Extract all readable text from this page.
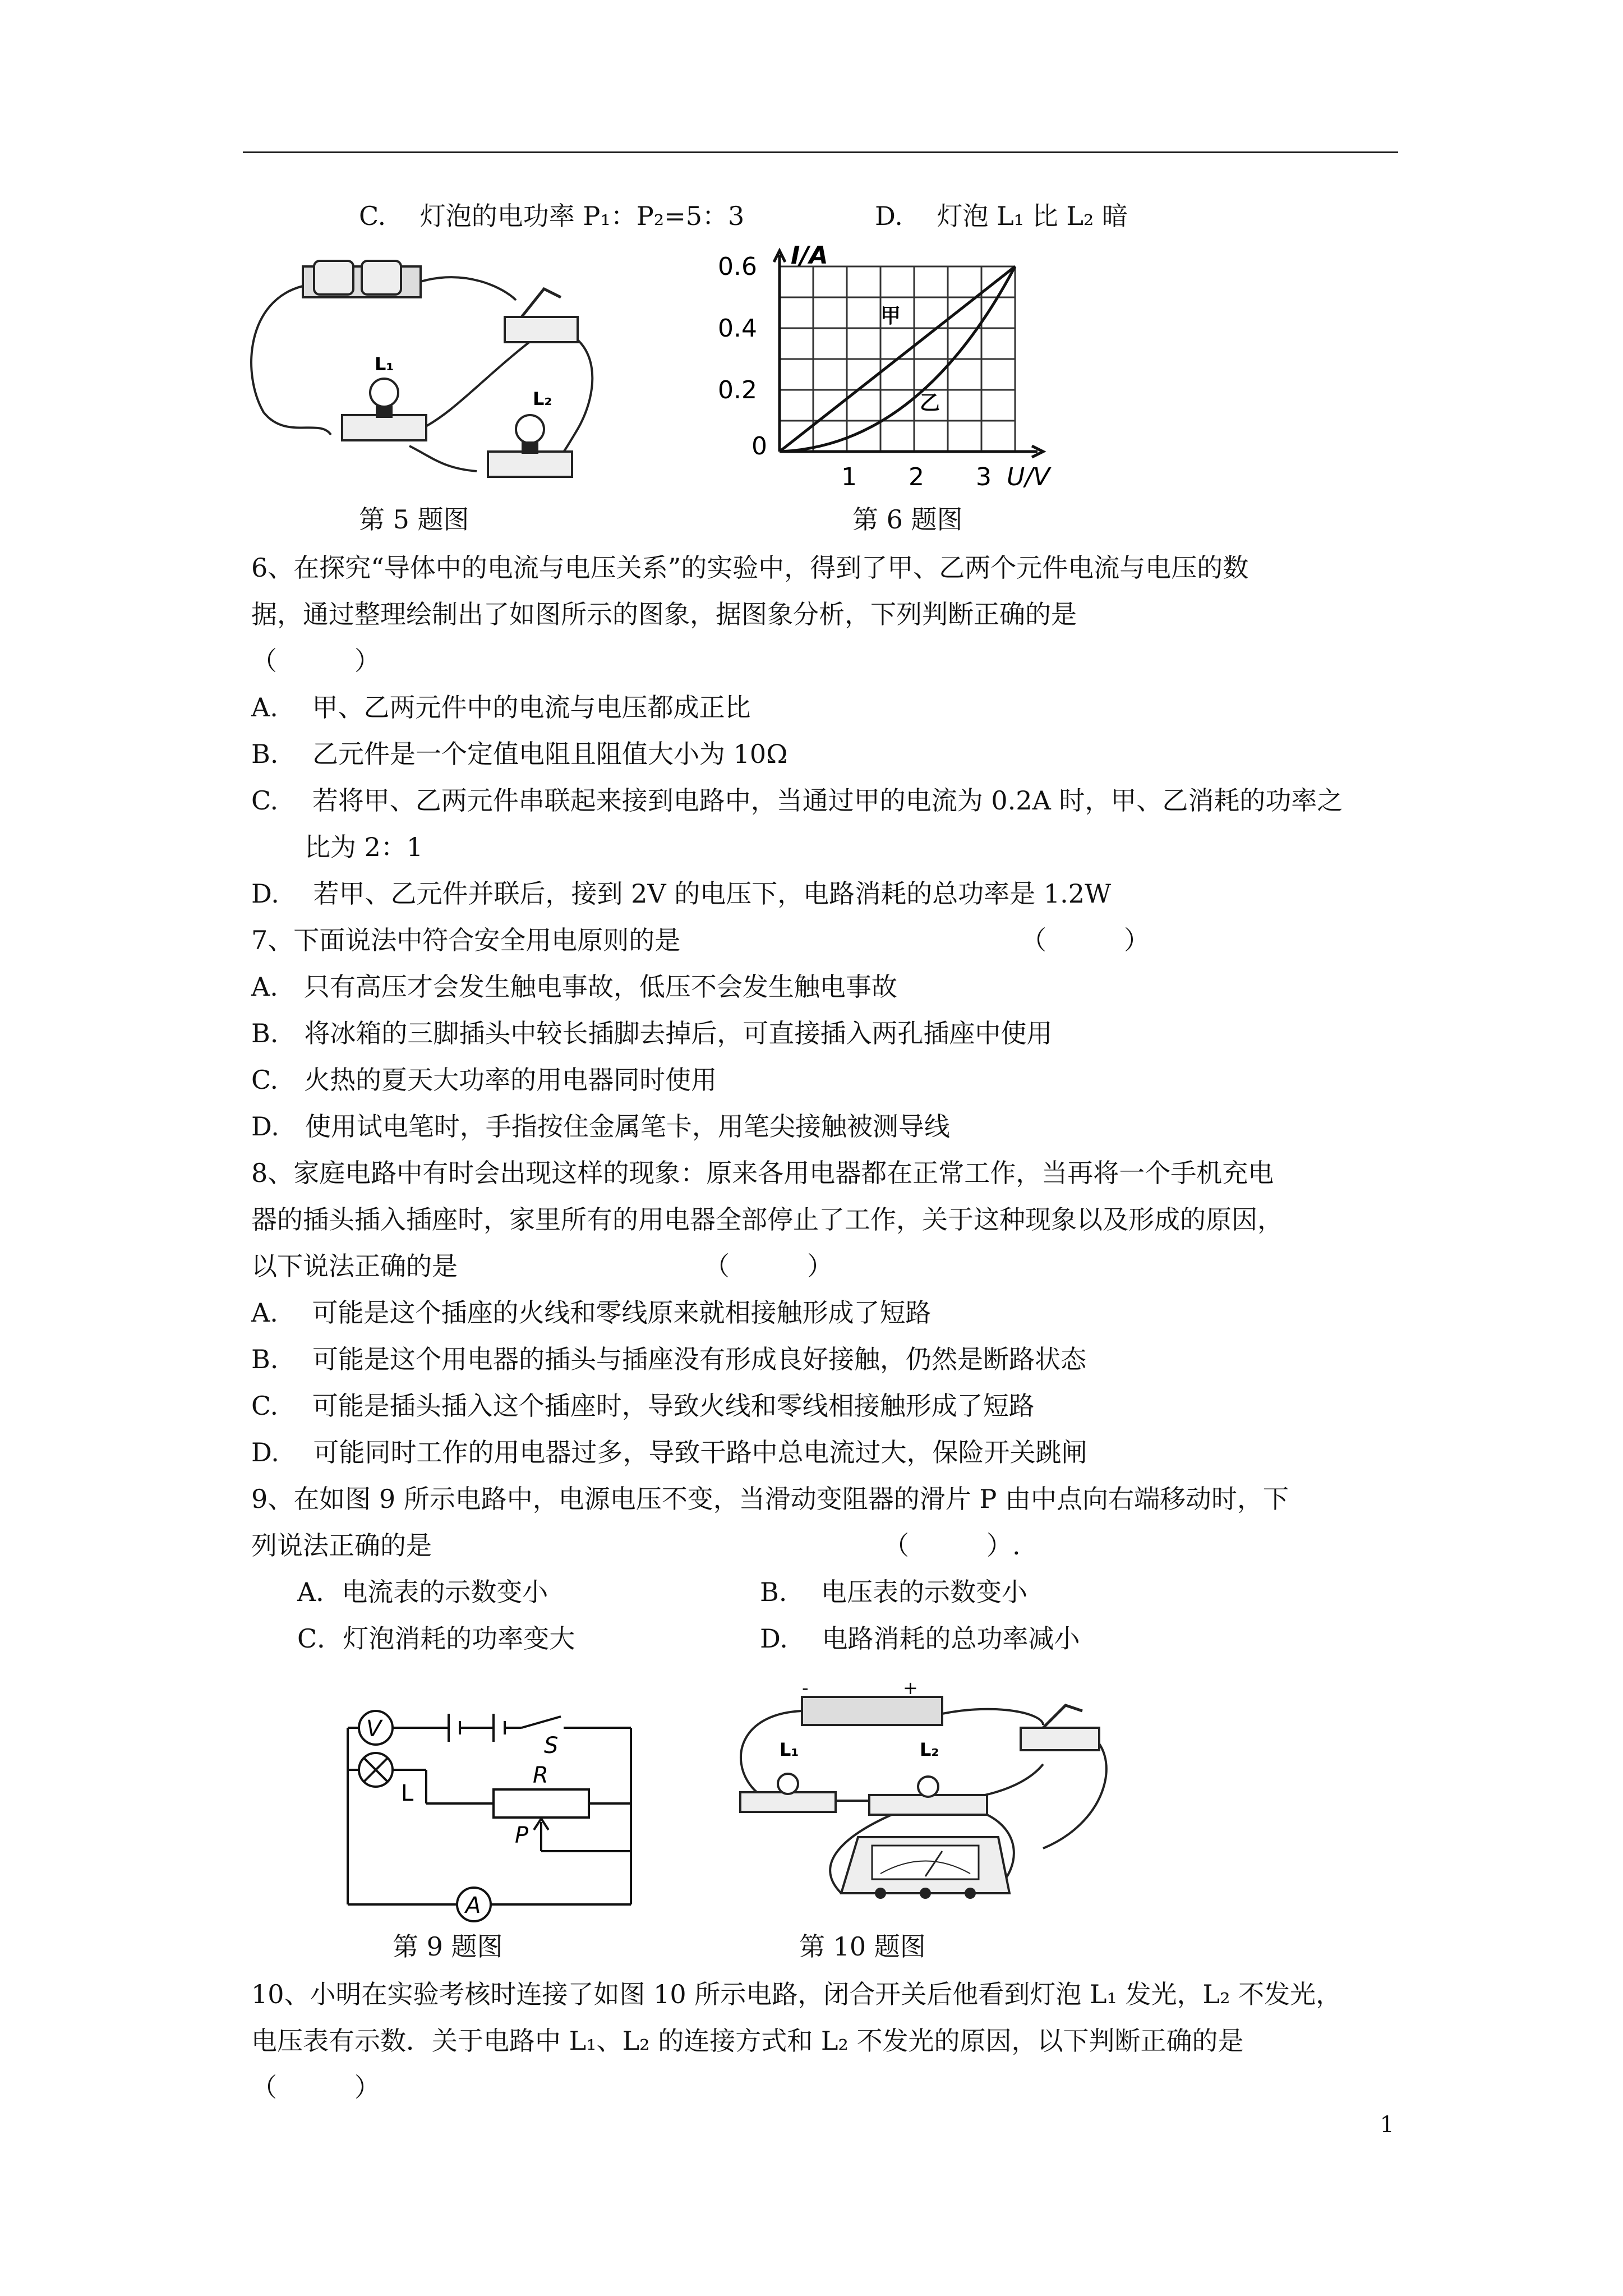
C.　 灯泡的电功率 P₁：P₂=5：3	D.　 灯泡 L₁ 比 L₂ 暗
L₁
L₂
I/A
0.6
0.4
0.2
0
1 2 3 U/V
甲
乙
第 5 题图	第 6 题图
6、在探究“导体中的电流与电压关系”的实验中，得到了甲、乙两个元件电流与电压的数
据，通过整理绘制出了如图所示的图象，据图象分析，下列判断正确的是
（　　　）
A.　 甲、乙两元件中的电流与电压都成正比
B.　 乙元件是一个定值电阻且阻值大小为 10Ω
C.　 若将甲、乙两元件串联起来接到电路中，当通过甲的电流为 0.2A 时，甲、乙消耗的功率之
比为 2：1
D.　 若甲、乙元件并联后，接到 2V 的电压下，电路消耗的总功率是 1.2W
7、下面说法中符合安全用电原则的是	（　　　）
A.　只有高压才会发生触电事故，低压不会发生触电事故
B.　将冰箱的三脚插头中较长插脚去掉后，可直接插入两孔插座中使用
C.　火热的夏天大功率的用电器同时使用
D.　使用试电笔时，手指按住金属笔卡，用笔尖接触被测导线
8、家庭电路中有时会出现这样的现象：原来各用电器都在正常工作，当再将一个手机充电
器的插头插入插座时，家里所有的用电器全部停止了工作，关于这种现象以及形成的原因，
以下说法正确的是	（　　　）
A.　 可能是这个插座的火线和零线原来就相接触形成了短路
B.　 可能是这个用电器的插头与插座没有形成良好接触，仍然是断路状态
C.　 可能是插头插入这个插座时，导致火线和零线相接触形成了短路
D.　 可能同时工作的用电器过多，导致干路中总电流过大，保险开关跳闸
9、在如图 9 所示电路中，电源电压不变，当滑动变阻器的滑片 P 由中点向右端移动时，下
列说法正确的是	（　　　）.
A．电流表的示数变小	B.　 电压表的示数变小
C．灯泡消耗的功率变大	D.　 电路消耗的总功率减小
V
L
S
R
P
A
-	+
L₁	L₂
第 9 题图	第 10 题图
10、小明在实验考核时连接了如图 10 所示电路，闭合开关后他看到灯泡 L₁ 发光，L₂ 不发光，
电压表有示数．关于电路中 L₁、L₂ 的连接方式和 L₂ 不发光的原因，以下判断正确的是
（　　　）
1
